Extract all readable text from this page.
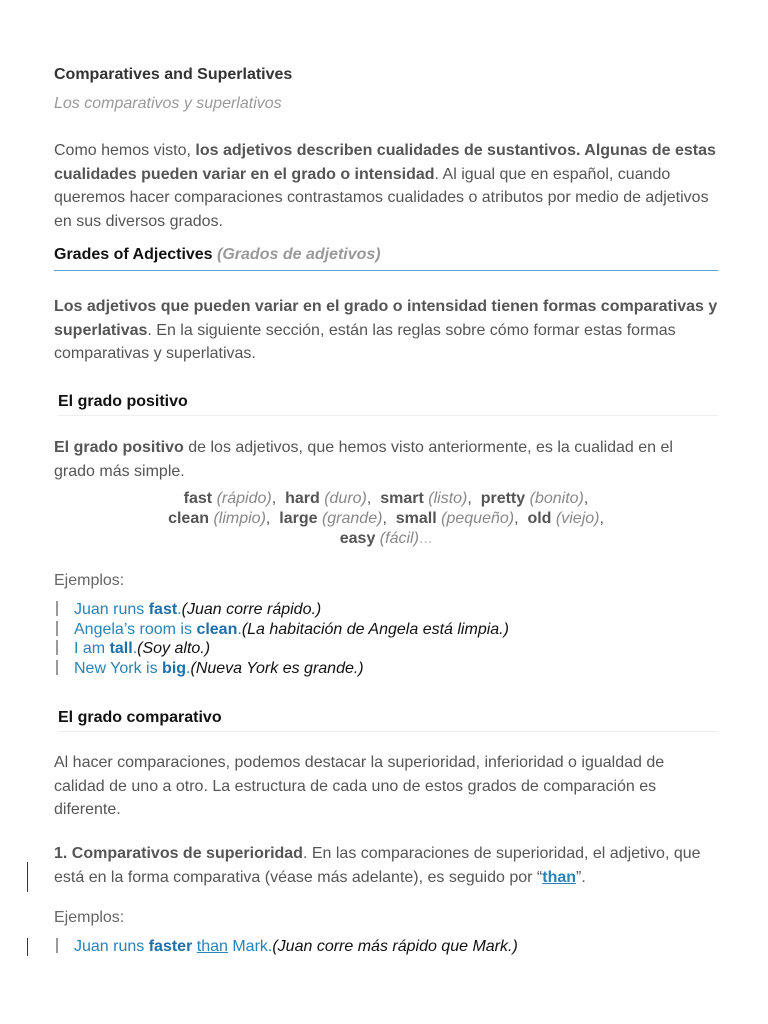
Comparatives and Superlatives
Los comparativos y superlativos

Como hemos visto, los adjetivos describen cualidades de sustantivos. Algunas de estas cualidades pueden variar en el grado o intensidad. Al igual que en español, cuando queremos hacer comparaciones contrastamos cualidades o atributos por medio de adjetivos en sus diversos grados.

Grades of Adjectives (Grados de adjetivos)

Los adjetivos que pueden variar en el grado o intensidad tienen formas comparativas y superlativas. En la siguiente sección, están las reglas sobre cómo formar estas formas comparativas y superlativas.

El grado positivo

El grado positivo de los adjetivos, que hemos visto anteriormente, es la cualidad en el grado más simple.

fast (rápido),  hard (duro),  smart (listo),  pretty (bonito),
clean (limpio),  large (grande),  small (pequeño),  old (viejo),
easy (fácil)...
Ejemplos:
Juan runs fast.(Juan corre rápido.)
Angela’s room is clean.(La habitación de Angela está limpia.)
I am tall.(Soy alto.)
New York is big.(Nueva York es grande.)
El grado comparativo

Al hacer comparaciones, podemos destacar la superioridad, inferioridad o igualdad de calidad de uno a otro. La estructura de cada uno de estos grados de comparación es diferente.

1. Comparativos de superioridad. En las comparaciones de superioridad, el adjetivo, que está en la forma comparativa (véase más adelante), es seguido por “than”.

Ejemplos:
Juan runs faster than Mark.(Juan corre más rápido que Mark.)
